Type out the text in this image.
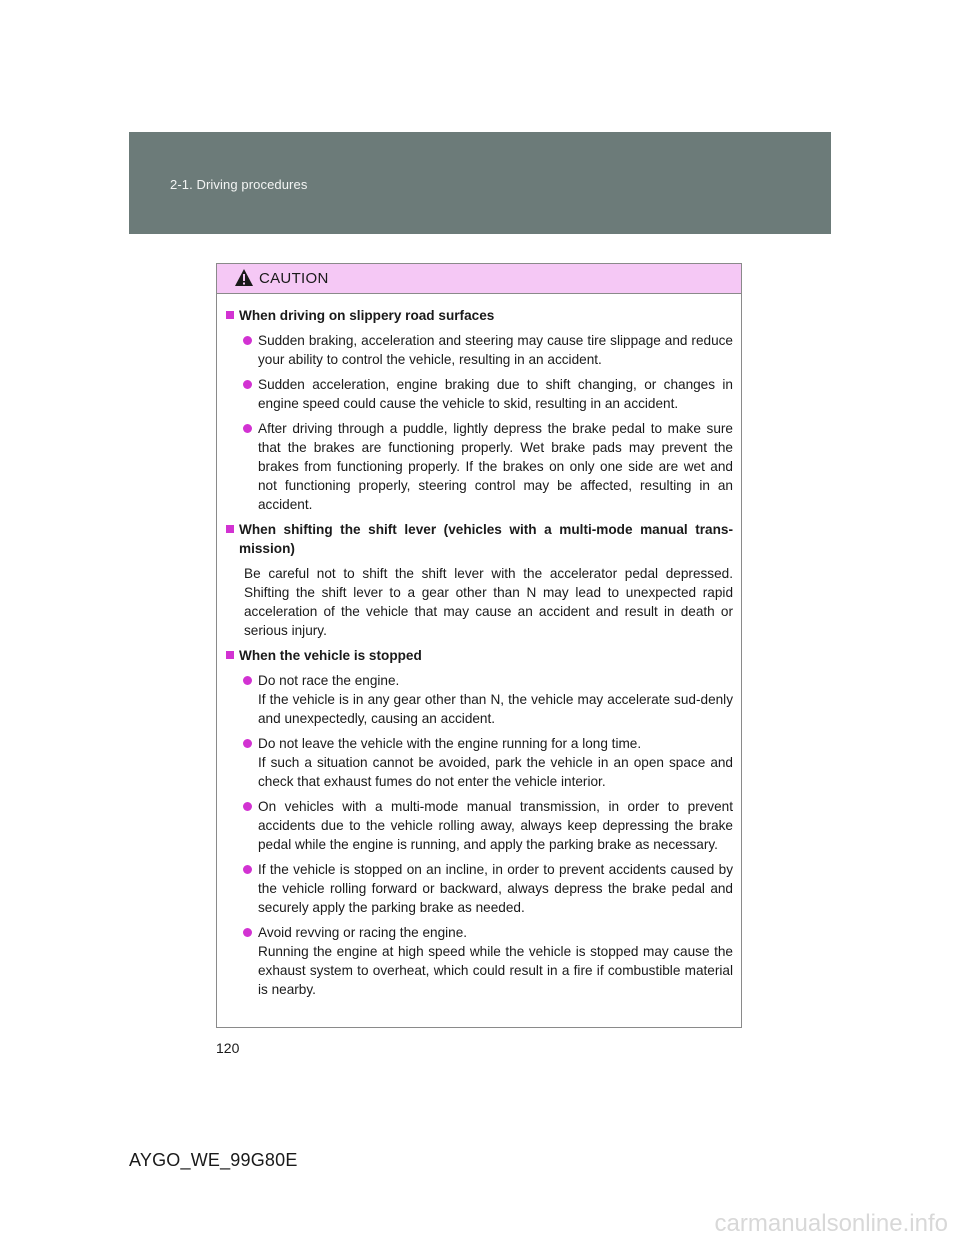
2-1. Driving procedures
CAUTION
When driving on slippery road surfaces
Sudden braking, acceleration and steering may cause tire slippage and reduce your ability to control the vehicle, resulting in an accident.
Sudden acceleration, engine braking due to shift changing, or changes in engine speed could cause the vehicle to skid, resulting in an accident.
After driving through a puddle, lightly depress the brake pedal to make sure that the brakes are functioning properly. Wet brake pads may prevent the brakes from functioning properly. If the brakes on only one side are wet and not functioning properly, steering control may be affected, resulting in an accident.
When shifting the shift lever (vehicles with a multi-mode manual trans-mission)
Be careful not to shift the shift lever with the accelerator pedal depressed. Shifting the shift lever to a gear other than N may lead to unexpected rapid acceleration of the vehicle that may cause an accident and result in death or serious injury.
When the vehicle is stopped
Do not race the engine.
If the vehicle is in any gear other than N, the vehicle may accelerate sud-denly and unexpectedly, causing an accident.
Do not leave the vehicle with the engine running for a long time.
If such a situation cannot be avoided, park the vehicle in an open space and check that exhaust fumes do not enter the vehicle interior.
On vehicles with a multi-mode manual transmission, in order to prevent accidents due to the vehicle rolling away, always keep depressing the brake pedal while the engine is running, and apply the parking brake as necessary.
If the vehicle is stopped on an incline, in order to prevent accidents caused by the vehicle rolling forward or backward, always depress the brake pedal and securely apply the parking brake as needed.
Avoid revving or racing the engine.
Running the engine at high speed while the vehicle is stopped may cause the exhaust system to overheat, which could result in a fire if combustible material is nearby.
120
AYGO_WE_99G80E
carmanualsonline.info
